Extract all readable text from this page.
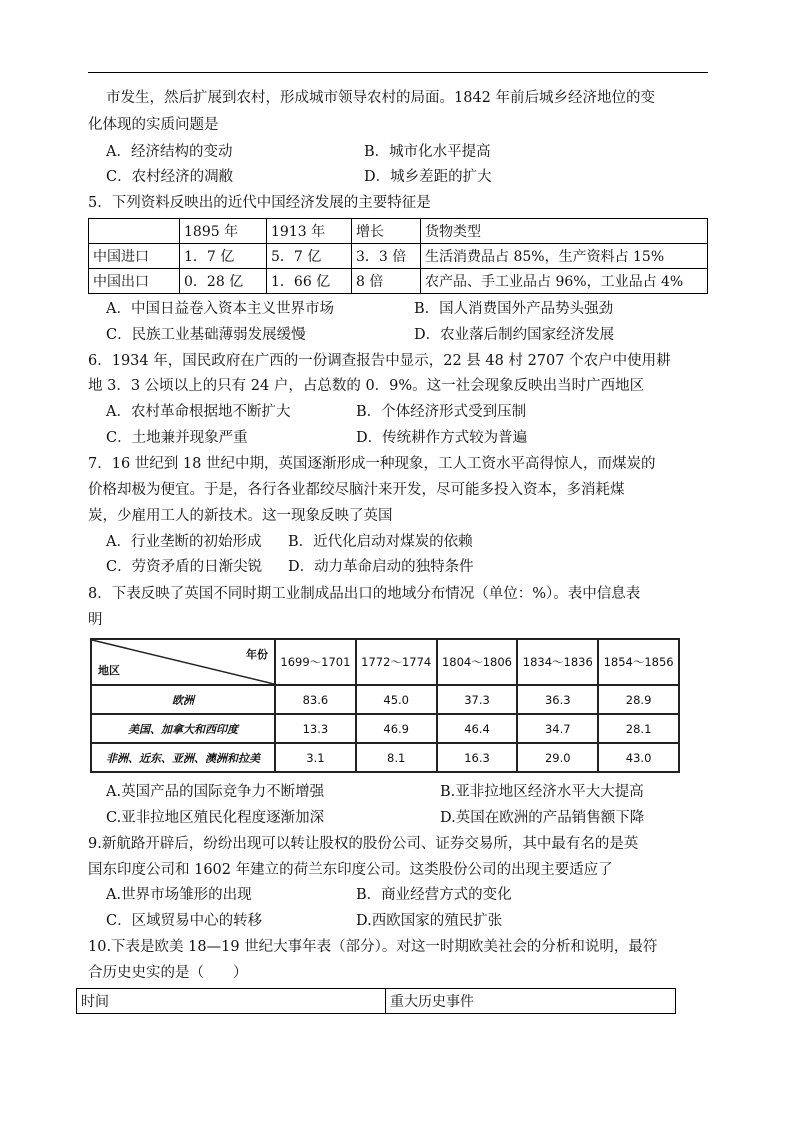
市发生，然后扩展到农村，形成城市领导农村的局面。1842 年前后城乡经济地位的变
化体现的实质问题是
A．经济结构的变动	B．城市化水平提高
C．农村经济的凋敝	D．城乡差距的扩大
5．下列资料反映出的近代中国经济发展的主要特征是
	1895 年	1913 年	增长	货物类型
中国进口	1．7 亿	5．7 亿	3．3 倍	生活消费品占 85%，生产资料占 15%
中国出口	0．28 亿	1．66 亿	8 倍	农产品、手工业品占 96%，工业品占 4%
A．中国日益卷入资本主义世界市场	B．国人消费国外产品势头强劲
C．民族工业基础薄弱发展缓慢	D．农业落后制约国家经济发展
6．1934 年，国民政府在广西的一份调查报告中显示，22 县 48 村 2707 个农户中使用耕
地 3．3 公顷以上的只有 24 户，占总数的 0．9%。这一社会现象反映出当时广西地区
A．农村革命根据地不断扩大	B．个体经济形式受到压制
C．土地兼并现象严重	D．传统耕作方式较为普遍
7．16 世纪到 18 世纪中期，英国逐渐形成一种现象，工人工资水平高得惊人，而煤炭的
价格却极为便宜。于是，各行各业都绞尽脑汁来开发，尽可能多投入资本，多消耗煤
炭，少雇用工人的新技术。这一现象反映了英国
A．行业垄断的初始形成 B．近代化启动对煤炭的依赖
C．劳资矛盾的日渐尖锐 D．动力革命启动的独特条件
8．下表反映了英国不同时期工业制成品出口的地域分布情况（单位：%）。表中信息表
明
年份
地区	1699～1701	1772～1774	1804～1806	1834～1836	1854～1856
欧洲	83.6	45.0	37.3	36.3	28.9
美国、加拿大和西印度	13.3	46.9	46.4	34.7	28.1
非洲、近东、亚洲、澳洲和拉美	3.1	8.1	16.3	29.0	43.0
A.英国产品的国际竞争力不断增强	B.亚非拉地区经济水平大大提高
C.亚非拉地区殖民化程度逐渐加深	D.英国在欧洲的产品销售额下降
9.新航路开辟后，纷纷出现可以转让股权的股份公司、证券交易所，其中最有名的是英
国东印度公司和 1602 年建立的荷兰东印度公司。这类股份公司的出现主要适应了
A.世界市场雏形的出现	B．商业经营方式的变化
C．区域贸易中心的转移	D.西欧国家的殖民扩张
10.下表是欧美 18—19 世纪大事年表（部分）。对这一时期欧美社会的分析和说明，最符
合历史史实的是（　　）
时间	重大历史事件
